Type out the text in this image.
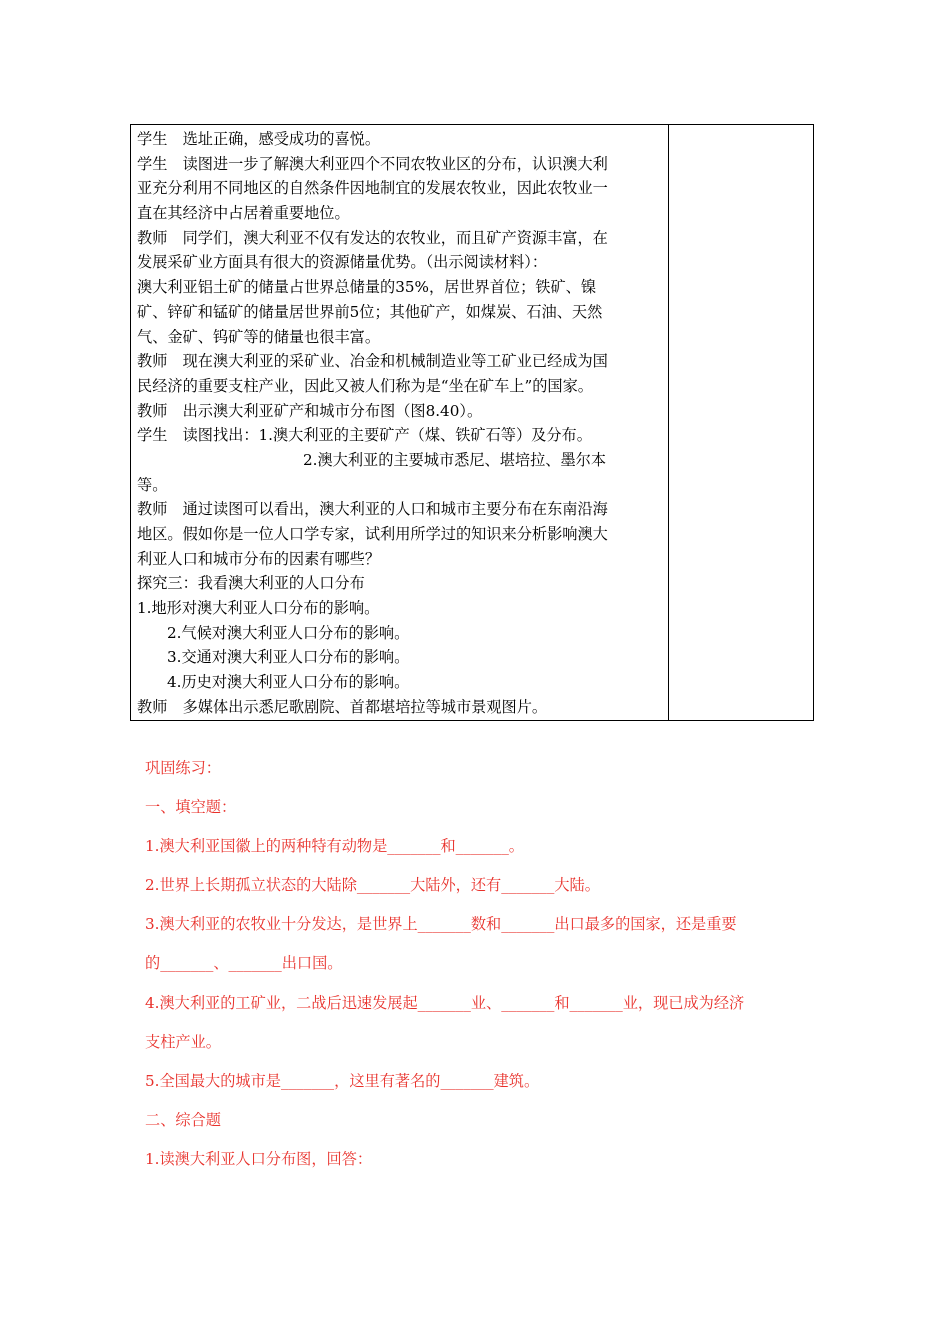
学生　选址正确，感受成功的喜悦。
学生　读图进一步了解澳大利亚四个不同农牧业区的分布，认识澳大利
亚充分利用不同地区的自然条件因地制宜的发展农牧业，因此农牧业一
直在其经济中占居着重要地位。
教师　同学们，澳大利亚不仅有发达的农牧业，而且矿产资源丰富，在
发展采矿业方面具有很大的资源储量优势。（出示阅读材料）：
澳大利亚铝土矿的储量占世界总储量的35%，居世界首位；铁矿、镍
矿、锌矿和锰矿的储量居世界前5位；其他矿产，如煤炭、石油、天然
气、金矿、钨矿等的储量也很丰富。
教师　现在澳大利亚的采矿业、冶金和机械制造业等工矿业已经成为国
民经济的重要支柱产业，因此又被人们称为是“坐在矿车上”的国家。
教师　出示澳大利亚矿产和城市分布图（图8.40）。
学生　读图找出：1.澳大利亚的主要矿产（煤、铁矿石等）及分布。
2.澳大利亚的主要城市悉尼、堪培拉、墨尔本
等。
教师　通过读图可以看出，澳大利亚的人口和城市主要分布在东南沿海
地区。假如你是一位人口学专家，试利用所学过的知识来分析影响澳大
利亚人口和城市分布的因素有哪些？
探究三：我看澳大利亚的人口分布
1.地形对澳大利亚人口分布的影响。
2.气候对澳大利亚人口分布的影响。
3.交通对澳大利亚人口分布的影响。
4.历史对澳大利亚人口分布的影响。
教师　多媒体出示悉尼歌剧院、首都堪培拉等城市景观图片。
巩固练习：
一、填空题：
1.澳大利亚国徽上的两种特有动物是_______和_______。
2.世界上长期孤立状态的大陆除_______大陆外，还有_______大陆。
3.澳大利亚的农牧业十分发达，是世界上_______数和_______出口最多的国家，还是重要
的_______、_______出口国。
4.澳大利亚的工矿业，二战后迅速发展起_______业、_______和_______业，现已成为经济
支柱产业。
5.全国最大的城市是_______，这里有著名的_______建筑。
二、综合题
1.读澳大利亚人口分布图，回答：
